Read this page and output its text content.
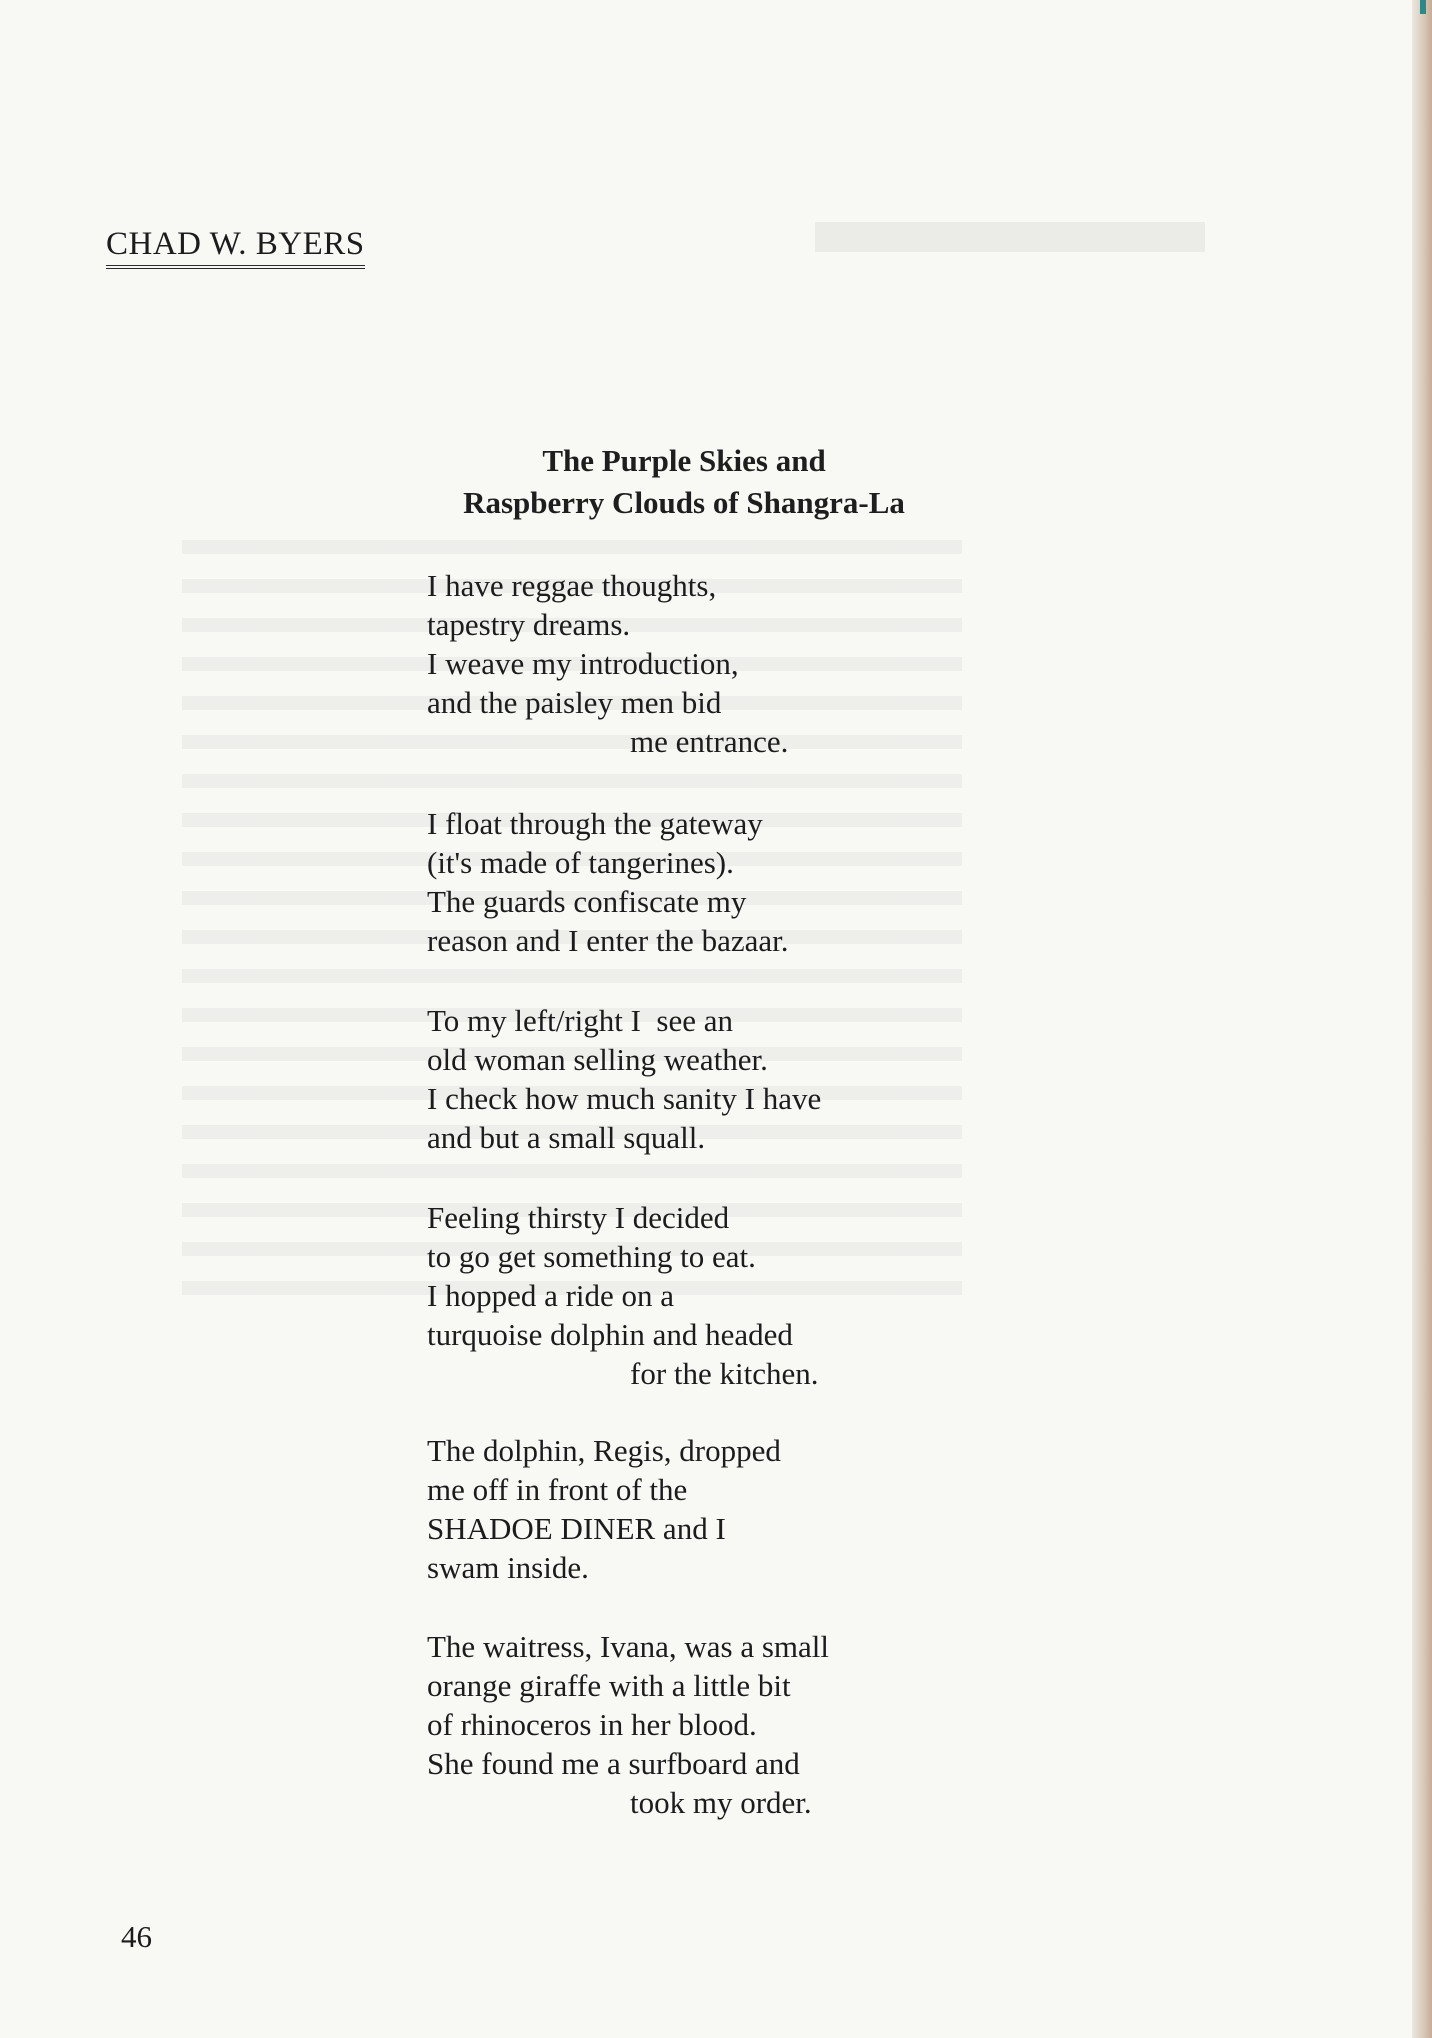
CHAD W. BYERS
The Purple Skies and
Raspberry Clouds of Shangra-La
I have reggae thoughts,
tapestry dreams.
I weave my introduction,
and the paisley men bid
me entrance.
I float through the gateway
(it's made of tangerines).
The guards confiscate my
reason and I enter the bazaar.
To my left/right I  see an
old woman selling weather.
I check how much sanity I have
and but a small squall.
Feeling thirsty I decided
to go get something to eat.
I hopped a ride on a
turquoise dolphin and headed
for the kitchen.
The dolphin, Regis, dropped
me off in front of the
SHADOE DINER and I
swam inside.
The waitress, Ivana, was a small
orange giraffe with a little bit
of rhinoceros in her blood.
She found me a surfboard and
took my order.
46
